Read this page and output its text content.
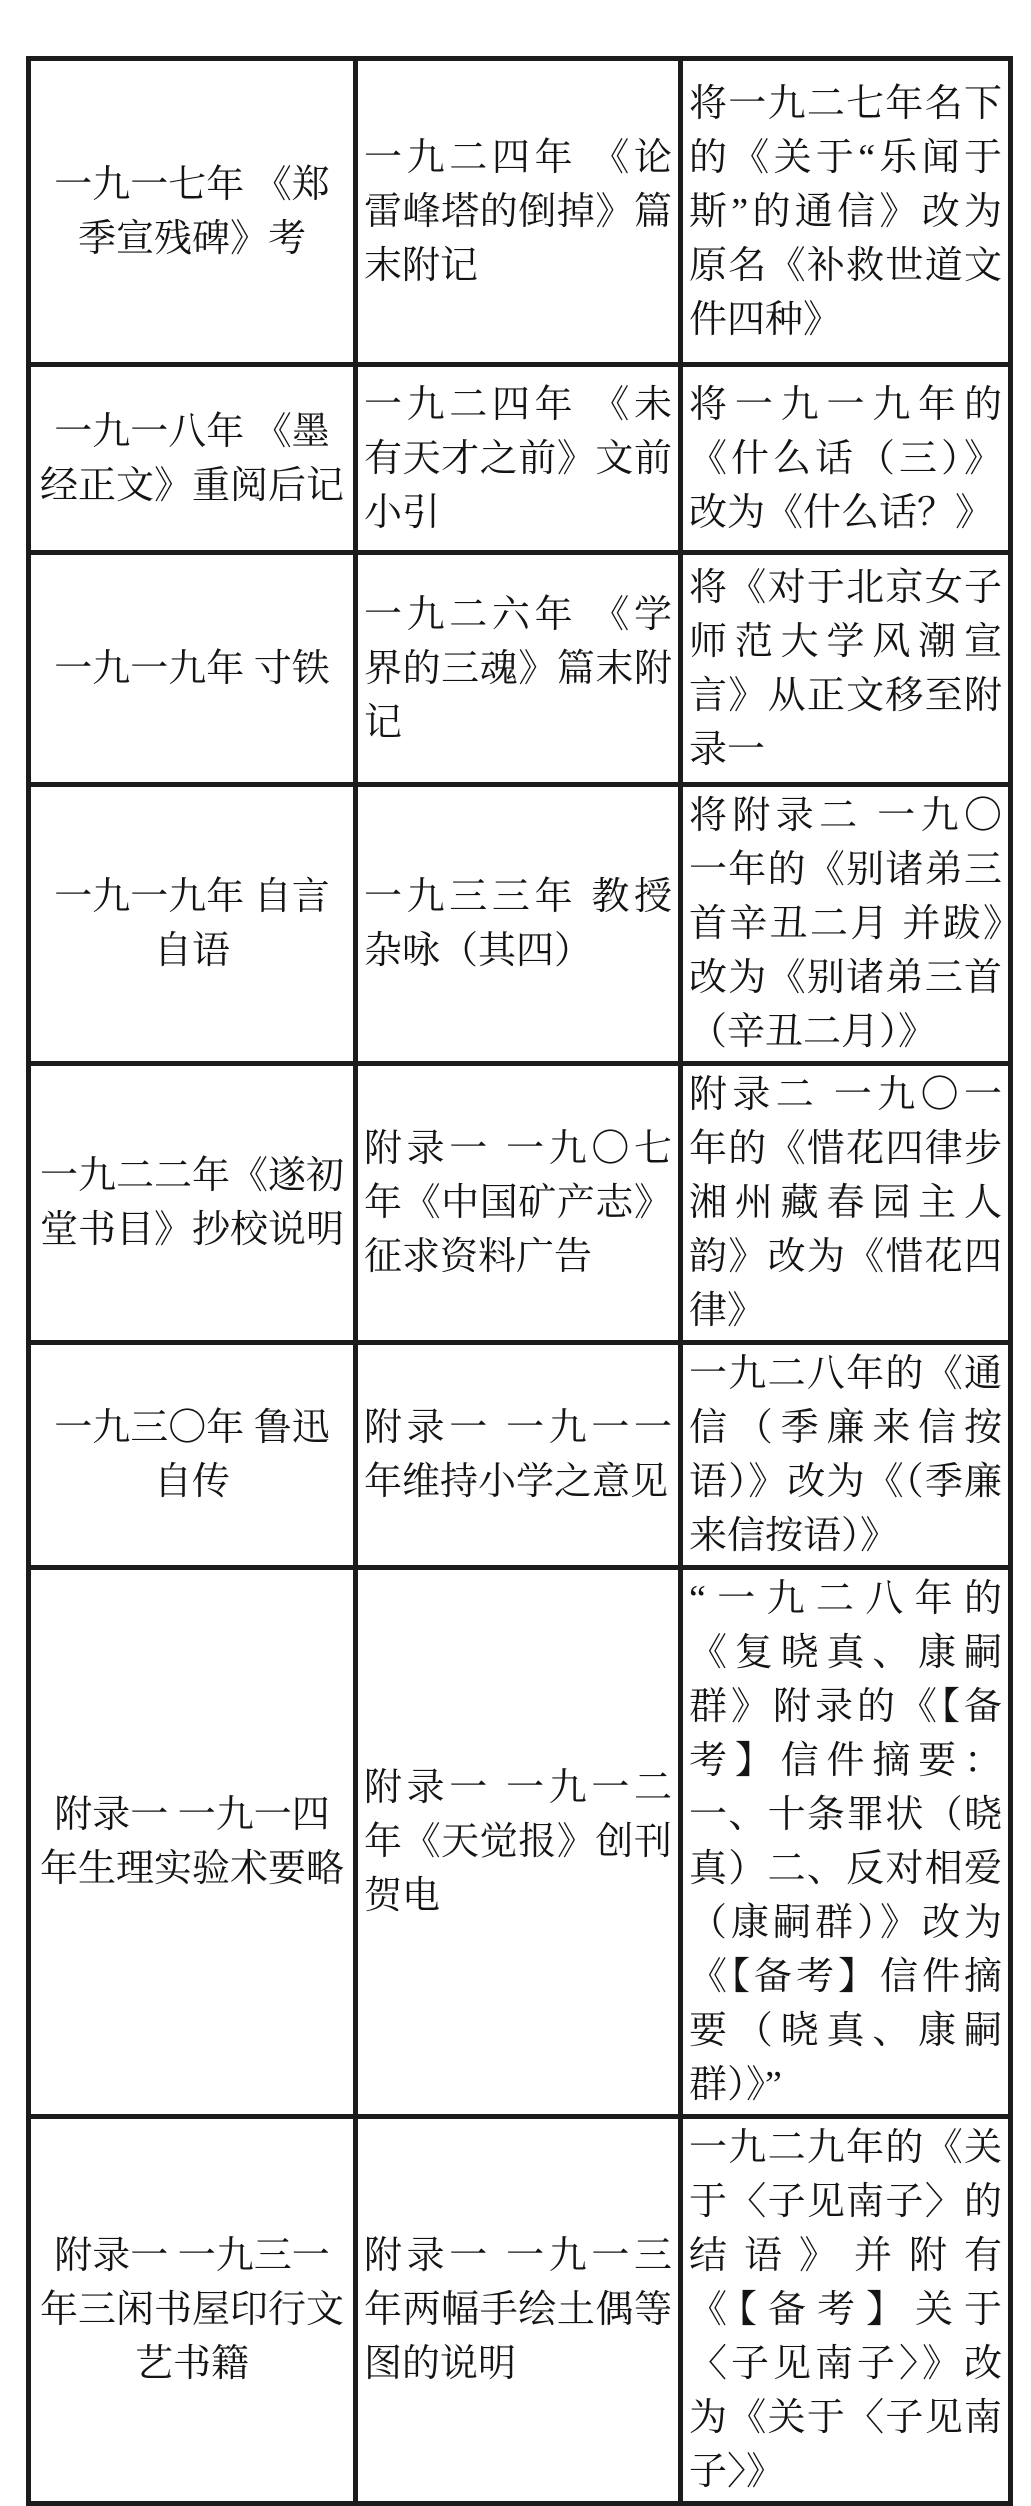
一九一七年 《郑季宣残碑》考	一九二四年 《论雷峰塔的倒掉》篇末附记	将一九二七年名下的《关于“乐闻于斯”的通信》改为原名《补救世道文件四种》
一九一八年 《墨经正文》重阅后记	一九二四年 《未有天才之前》文前小引	将一九一九年的《什么话（三）》改为《什么话？》
一九一九年 寸铁	一九二六年 《学界的三魂》篇末附记	将《对于北京女子师范大学风潮宣言》从正文移至附录一
一九一九年 自言自语	一九三三年 教授杂咏（其四）	将附录二 一九〇一年的《别诸弟三首辛丑二月 并跋》改为《别诸弟三首（辛丑二月）》
一九二二年《遂初堂书目》抄校说明	附录一 一九〇七年《中国矿产志》征求资料广告	附录二 一九〇一年的《惜花四律步湘州藏春园主人韵》改为《惜花四律》
一九三〇年 鲁迅自传	附录一 一九一一年维持小学之意见	一九二八年的《通信（季廉来信按语）》改为《（季廉来信按语）》
附录一 一九一四年生理实验术要略	附录一 一九一二年《天觉报》创刊贺电	“一九二八年的《复晓真、康嗣群》附录的《【备考】信件摘要：一、十条罪状（晓真）二、反对相爱（康嗣群）》改为《【备考】信件摘要（晓真、康嗣群）》”
附录一 一九三一年三闲书屋印行文艺书籍	附录一 一九一三年两幅手绘土偶等图的说明	一九二九年的《关于〈子见南子〉的结语》并附有《【备考】关于〈子见南子〉》改为《关于〈子见南子〉》
